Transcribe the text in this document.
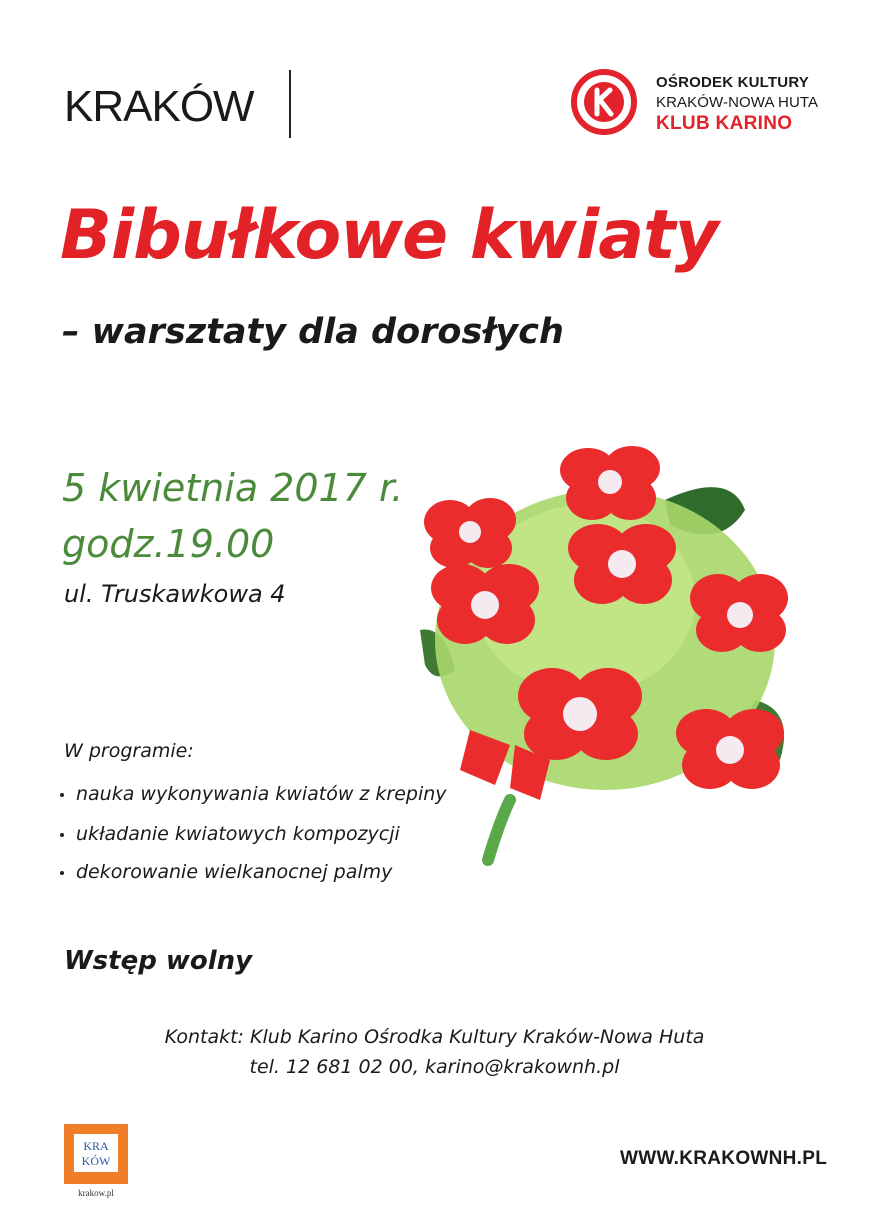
KRAKÓW	OŚRODEK KULTURY
KRAKÓW-NOWA HUTA
KLUB KARINO
Bibułkowe kwiaty
– warsztaty dla dorosłych
5 kwietnia 2017 r.
godz.19.00
ul. Truskawkowa 4
W programie:
nauka wykonywania kwiatów z krepiny
układanie kwiatowych kompozycji
dekorowanie wielkanocnej palmy
Wstęp wolny
Kontakt: Klub Karino Ośrodka Kultury Kraków-Nowa Huta
tel. 12 681 02 00, karino@krakownh.pl
KRA
KÓW
krakow.pl
WWW.KRAKOWNH.PL
